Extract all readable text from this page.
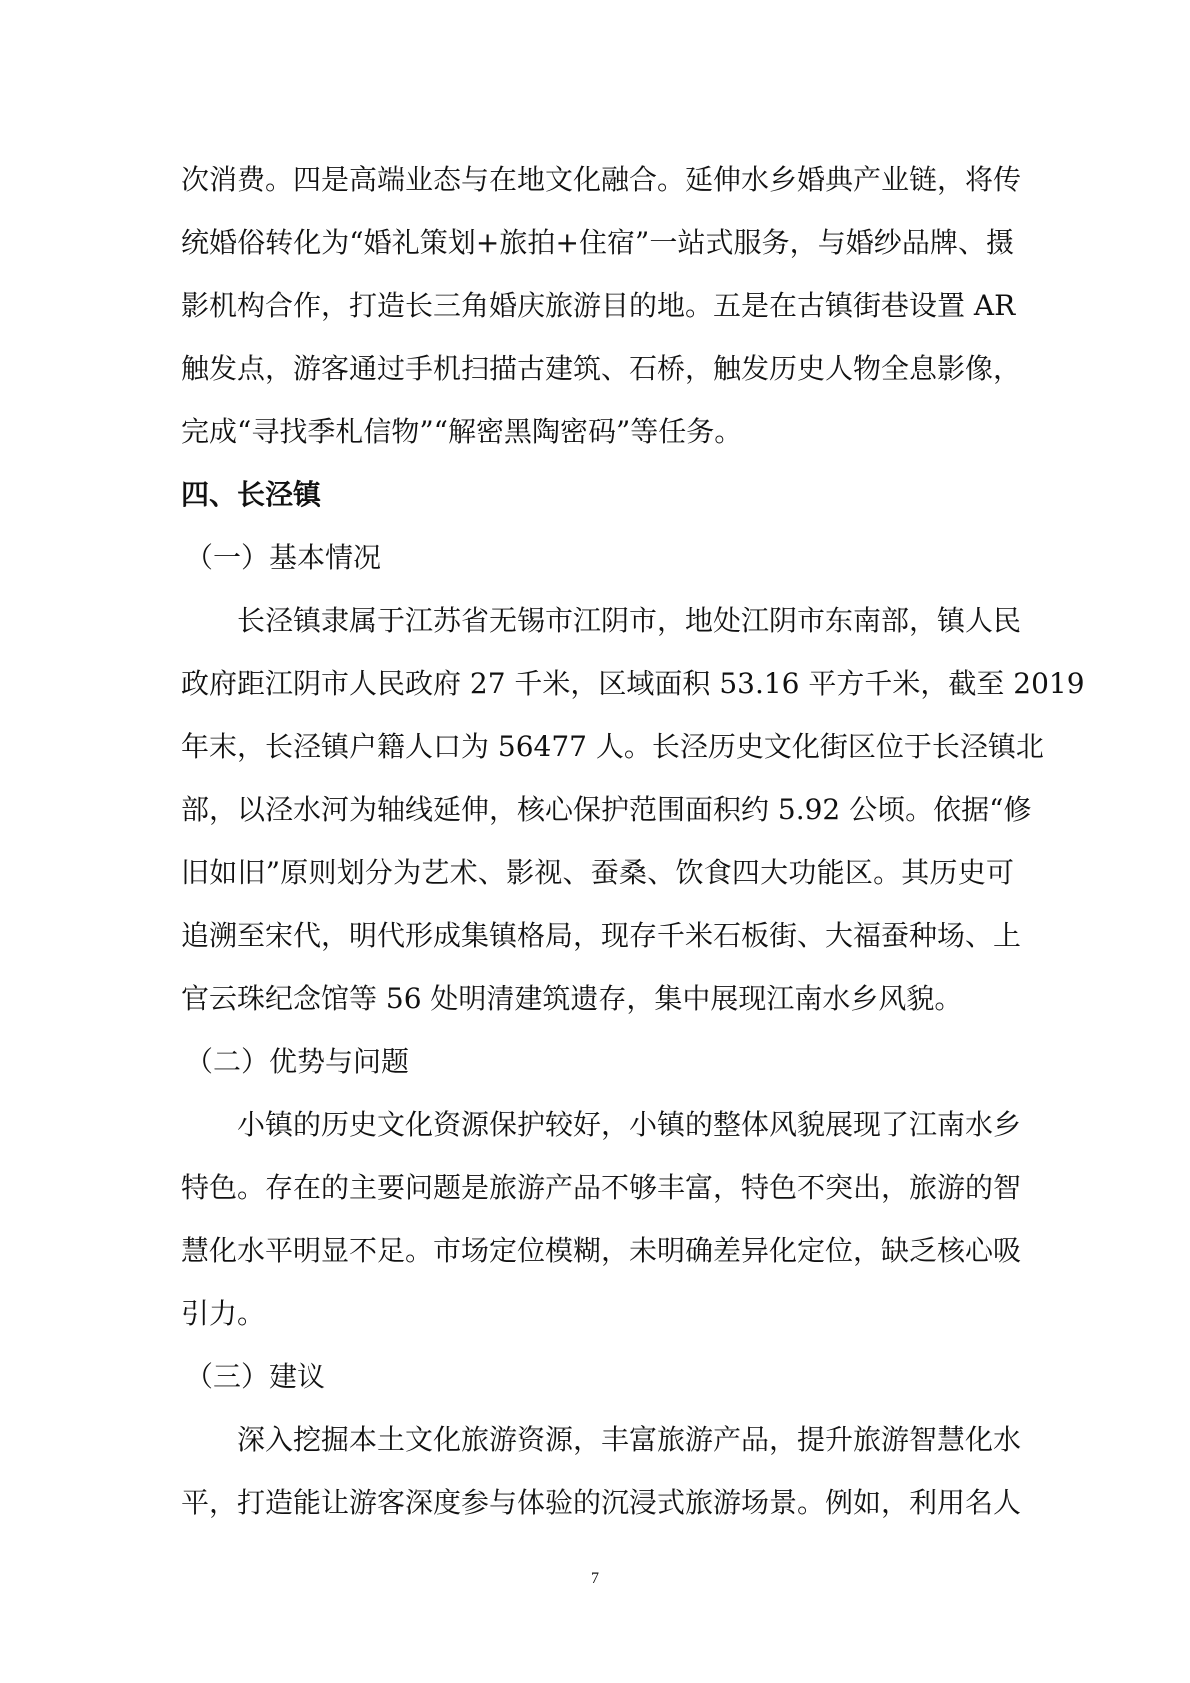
次消费。四是高端业态与在地文化融合。延伸水乡婚典产业链，将传
统婚俗转化为“婚礼策划+旅拍+住宿”一站式服务，与婚纱品牌、摄
影机构合作，打造长三角婚庆旅游目的地。五是在古镇街巷设置 AR
触发点，游客通过手机扫描古建筑、石桥，触发历史人物全息影像，
完成“寻找季札信物”“解密黑陶密码”等任务。
四、长泾镇
（一）基本情况
长泾镇隶属于江苏省无锡市江阴市，地处江阴市东南部，镇人民
政府距江阴市人民政府 27 千米，区域面积 53.16 平方千米，截至 2019
年末，长泾镇户籍人口为 56477 人。长泾历史文化街区位于长泾镇北
部，以泾水河为轴线延伸，核心保护范围面积约 5.92 公顷。依据“修
旧如旧”原则划分为艺术、影视、蚕桑、饮食四大功能区。其历史可
追溯至宋代，明代形成集镇格局，现存千米石板街、大福蚕种场、上
官云珠纪念馆等 56 处明清建筑遗存，集中展现江南水乡风貌。
（二）优势与问题
小镇的历史文化资源保护较好，小镇的整体风貌展现了江南水乡
特色。存在的主要问题是旅游产品不够丰富，特色不突出，旅游的智
慧化水平明显不足。市场定位模糊，未明确差异化定位，缺乏核心吸
引力。
（三）建议
深入挖掘本土文化旅游资源，丰富旅游产品，提升旅游智慧化水
平，打造能让游客深度参与体验的沉浸式旅游场景。例如，利用名人
7
